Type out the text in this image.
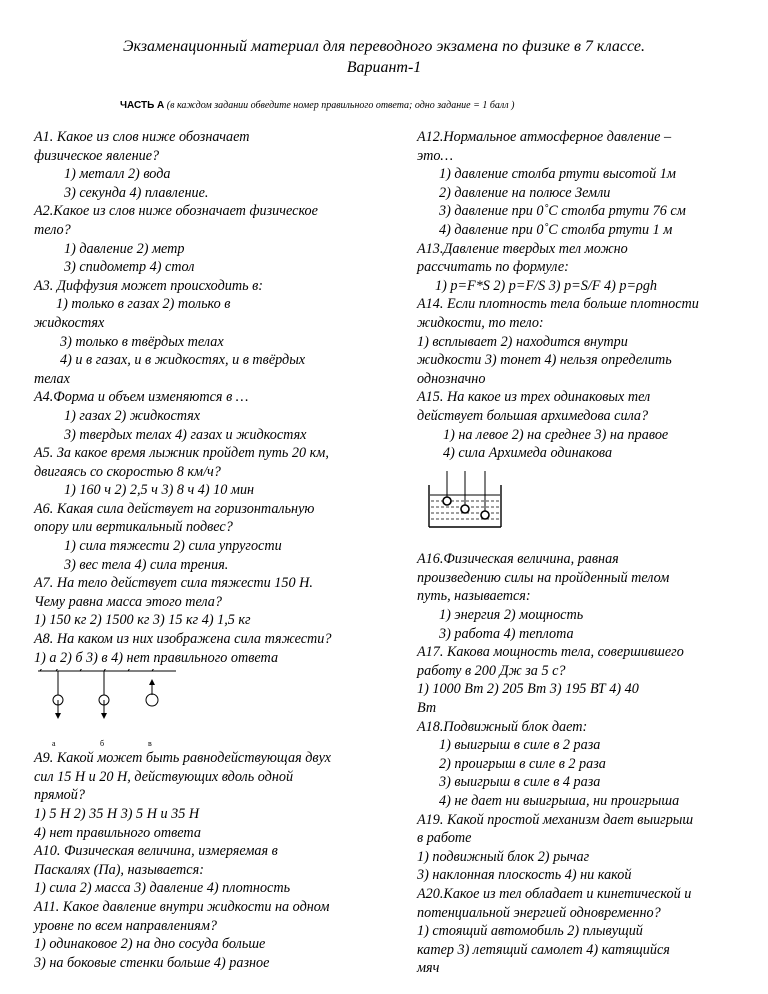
Экзаменационный материал для переводного экзамена по физике в 7 классе.
Вариант-1
ЧАСТЬ А (в каждом задании обведите номер правильного ответа; одно задание = 1 балл )
А1. Какое из слов ниже обозначает
физическое явление?
1) металл 2) вода
3) секунда 4) плавление.
А2.Какое из слов ниже обозначает физическое
тело?
1) давление 2) метр
3) спидометр 4) стол
А3. Диффузия может происходить в:
1) только в газах 2) только в
жидкостях
3) только в твёрдых телах
4) и в газах, и в жидкостях, и в твёрдых
телах
А4.Форма и объем изменяются в …
1) газах 2) жидкостях
3) твердых телах 4) газах и жидкостях
А5. За какое время лыжник пройдет путь 20 км,
двигаясь со скоростью 8 км/ч?
1) 160 ч 2) 2,5 ч 3) 8 ч 4) 10 мин
А6. Какая сила действует на горизонтальную
опору или вертикальный подвес?
1) сила тяжести 2) сила упругости
3) вес тела 4) сила трения.
А7. На тело действует сила тяжести 150 Н.
Чему равна масса этого тела?
1) 150 кг 2) 1500 кг 3) 15 кг 4) 1,5 кг
А8. На каком из них изображена сила тяжести?
1) а 2) б 3) в 4) нет правильного ответа
а	б	в
А9. Какой может быть равнодействующая двух
сил 15 Н и 20 Н, действующих вдоль одной
прямой?
1) 5 Н 2) 35 Н 3) 5 Н и 35 Н
4) нет правильного ответа
А10. Физическая величина, измеряемая в
Паскалях (Па), называется:
1) сила 2) масса 3) давление 4) плотность
А11. Какое давление внутри жидкости на одном
уровне по всем направлениям?
1) одинаковое 2) на дно сосуда больше
3) на боковые стенки больше 4) разное
А12.Нормальное атмосферное давление –
это…
1) давление столба ртути высотой 1м
2) давление на полюсе Земли
3) давление при 0˚С столба ртути 76 см
4) давление при 0˚С столба ртути 1 м
А13.Давление твердых тел можно
рассчитать по формуле:
1) p=F*S 2) p=F/S 3) p=S/F 4) p=ρgh
А14. Если плотность тела больше плотности
жидкости, то тело:
1) всплывает 2) находится внутри
жидкости 3) тонет 4) нельзя определить
однозначно
А15. На какое из трех одинаковых тел
действует большая архимедова сила?
1) на левое 2) на среднее 3) на правое
4) сила Архимеда одинакова
А16.Физическая величина, равная
произведению силы на пройденный телом
путь, называется:
1) энергия 2) мощность
3) работа 4) теплота
А17. Какова мощность тела, совершившего
работу в 200 Дж за 5 с?
1) 1000 Вт 2) 205 Вт 3) 195 ВТ 4) 40
Вт
А18.Подвижный блок дает:
1) выигрыш в силе в 2 раза
2) проигрыш в силе в 2 раза
3) выигрыш в силе в 4 раза
4) не дает ни выигрыша, ни проигрыша
А19. Какой простой механизм дает выигрыш
в работе
1) подвижный блок 2) рычаг
3) наклонная плоскость 4) ни какой
А20.Какое из тел обладает и кинетической и
потенциальной энергией одновременно?
1) стоящий автомобиль 2) плывущий
катер 3) летящий самолет 4) катящийся
мяч
